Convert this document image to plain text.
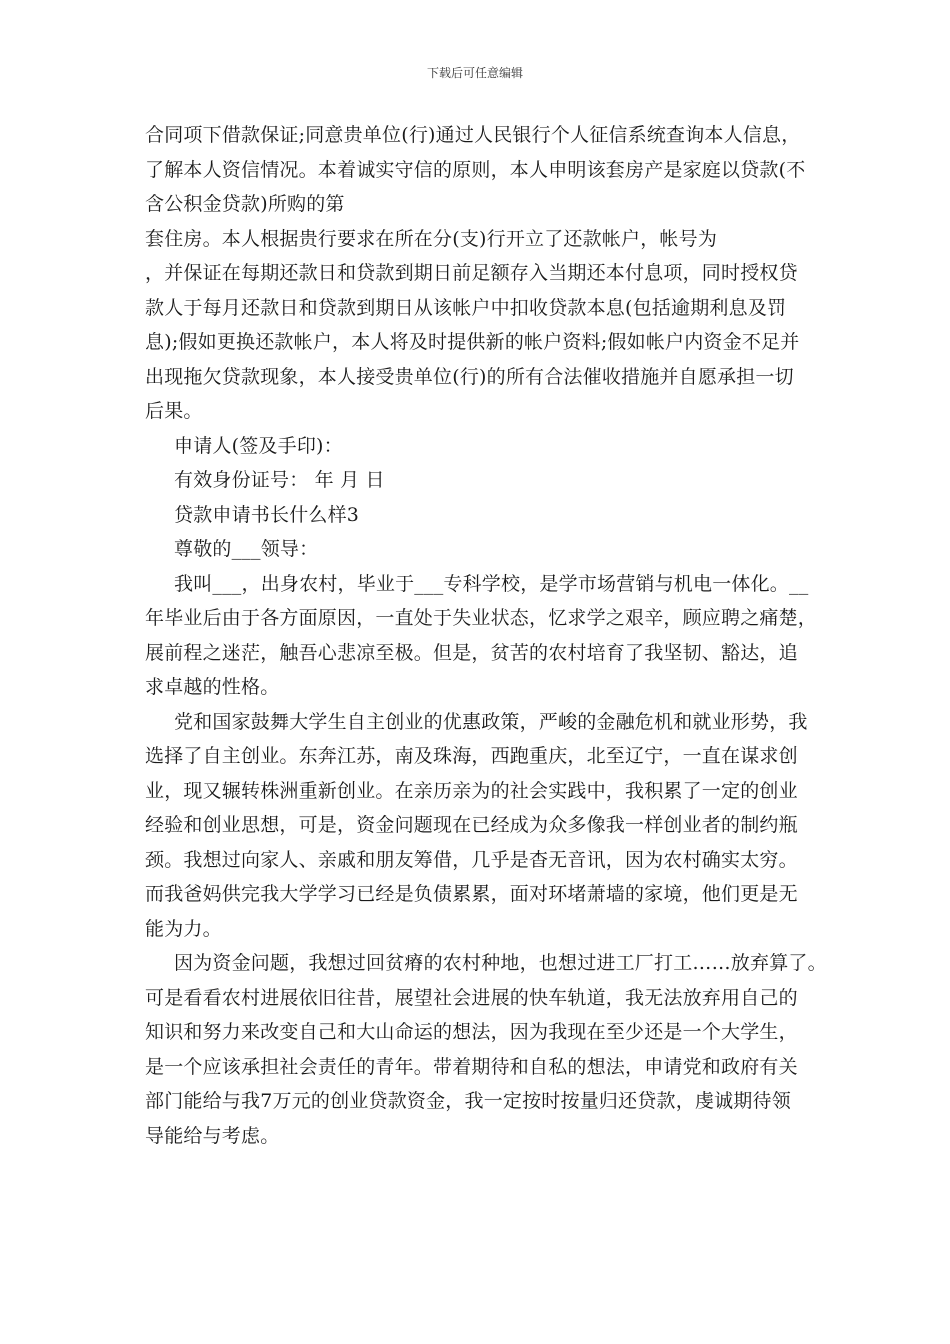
下载后可任意编辑
合同项下借款保证;同意贵单位(行)通过人民银行个人征信系统查询本人信息，
了解本人资信情况。本着诚实守信的原则，本人申明该套房产是家庭以贷款(不
含公积金贷款)所购的第
套住房。本人根据贵行要求在所在分(支)行开立了还款帐户，帐号为
，并保证在每期还款日和贷款到期日前足额存入当期还本付息项，同时授权贷
款人于每月还款日和贷款到期日从该帐户中扣收贷款本息(包括逾期利息及罚
息);假如更换还款帐户，本人将及时提供新的帐户资料;假如帐户内资金不足并
出现拖欠贷款现象，本人接受贵单位(行)的所有合法催收措施并自愿承担一切
后果。
申请人(签及手印)：
有效身份证号： 年 月 日
贷款申请书长什么样3
尊敬的___领导：
我叫___，出身农村，毕业于___专科学校，是学市场营销与机电一体化。__
年毕业后由于各方面原因，一直处于失业状态，忆求学之艰辛，顾应聘之痛楚，
展前程之迷茫，触吾心悲凉至极。但是，贫苦的农村培育了我坚韧、豁达，追
求卓越的性格。
党和国家鼓舞大学生自主创业的优惠政策，严峻的金融危机和就业形势，我
选择了自主创业。东奔江苏，南及珠海，西跑重庆，北至辽宁，一直在谋求创
业，现又辗转株洲重新创业。在亲历亲为的社会实践中，我积累了一定的创业
经验和创业思想，可是，资金问题现在已经成为众多像我一样创业者的制约瓶
颈。我想过向家人、亲戚和朋友筹借，几乎是杳无音讯，因为农村确实太穷。
而我爸妈供完我大学学习已经是负债累累，面对环堵萧墙的家境，他们更是无
能为力。
因为资金问题，我想过回贫瘠的农村种地，也想过进工厂打工……放弃算了。
可是看看农村进展依旧往昔，展望社会进展的快车轨道，我无法放弃用自己的
知识和努力来改变自己和大山命运的想法，因为我现在至少还是一个大学生，
是一个应该承担社会责任的青年。带着期待和自私的想法，申请党和政府有关
部门能给与我7万元的创业贷款资金，我一定按时按量归还贷款，虔诚期待领
导能给与考虑。
